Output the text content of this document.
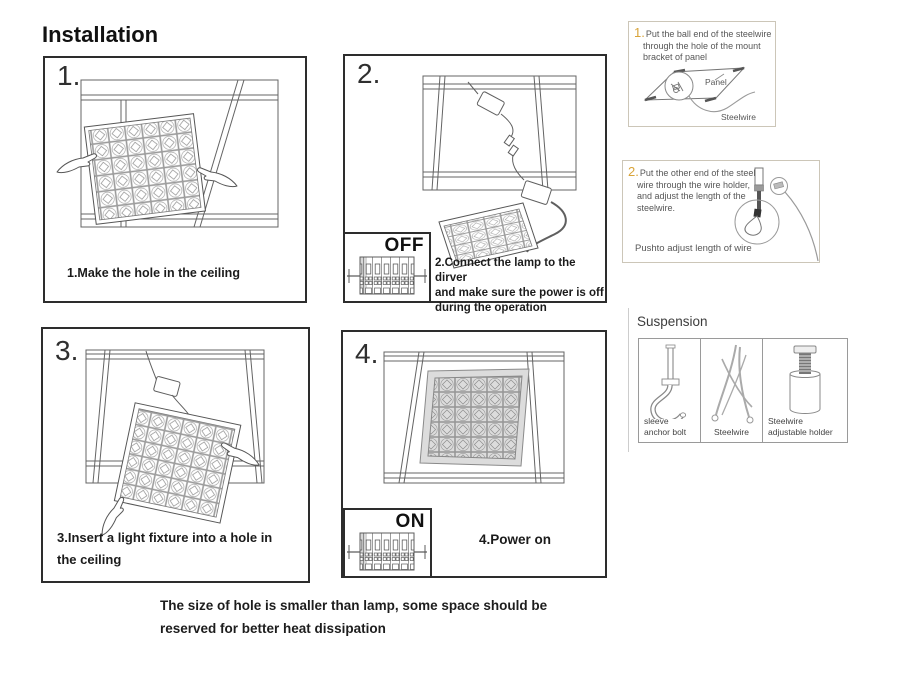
Installation
1.
1.Make the hole in the ceiling
2.
2.Connect the lamp to the dirver
and make sure the power is off
during the operation
OFF
3.
3.Insert a light fixture into a hole in
the ceiling
4.
4.Power on
ON
1.Put the ball end of the steelwire
through the hole of the mount
bracket of panel
Panel
Steelwire
2.Put the other end of the steel
wire through the wire holder,
and adjust the length of the
steelwire.
Pushto adjust length of wire
Suspension
sleeve
anchor bolt	Steelwire
Steelwire
adjustable holder
The size of hole is smaller than lamp, some space should be
reserved for better heat dissipation
